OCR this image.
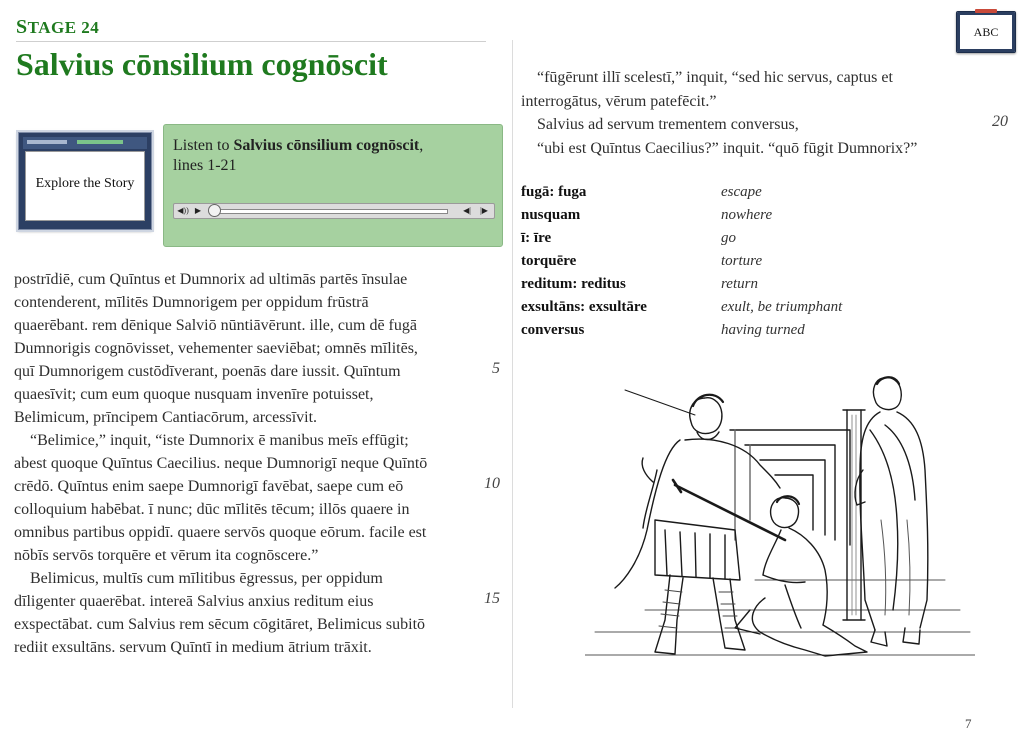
STAGE 24
Salvius cōnsilium cognōscit
ABC
Explore the Story
Listen to Salvius cōnsilium cognōscit,
lines 1-21
◀)) ▶	◀|	|▶

postrīdiē, cum Quīntus et Dumnorix ad ultimās partēs īnsulae

contenderent, mīlitēs Dumnorigem per oppidum frūstrā

quaerēbant. rem dēnique Salviō nūntiāvērunt. ille, cum dē fugā

Dumnorigis cognōvisset, vehementer saeviēbat; omnēs mīlitēs,

quī Dumnorigem custōdīverant, poenās dare iussit. Quīntum

quaesīvit; cum eum quoque nusquam invenīre potuisset,

Belimicum, prīncipem Cantiacōrum, arcessīvit.

“Belimice,” inquit, “iste Dumnorix ē manibus meīs effūgit;

abest quoque Quīntus Caecilius. neque Dumnorigī neque Quīntō

crēdō. Quīntus enim saepe Dumnorigī favēbat, saepe cum eō

colloquium habēbat. ī nunc; dūc mīlitēs tēcum; illōs quaere in

omnibus partibus oppidī. quaere servōs quoque eōrum. facile est

nōbīs servōs torquēre et vērum ita cognōscere.”

Belimicus, multīs cum mīlitibus ēgressus, per oppidum

dīligenter quaerēbat. intereā Salvius anxius reditum eius

exspectābat. cum Salvius rem sēcum cōgitāret, Belimicus subitō

rediit exsultāns. servum Quīntī in medium ātrium trāxit.

5
10
15

“fūgērunt illī scelestī,” inquit, “sed hic servus, captus et

interrogātus, vērum patefēcit.”

Salvius ad servum trementem conversus,

“ubi est Quīntus Caecilius?” inquit. “quō fūgit Dumnorix?”

20
fugā: fuga	escape
nusquam	nowhere
ī: īre	go
torquēre	torture
reditum: reditus	return
exsultāns: exsultāre	exult, be triumphant
conversus	having turned
7
